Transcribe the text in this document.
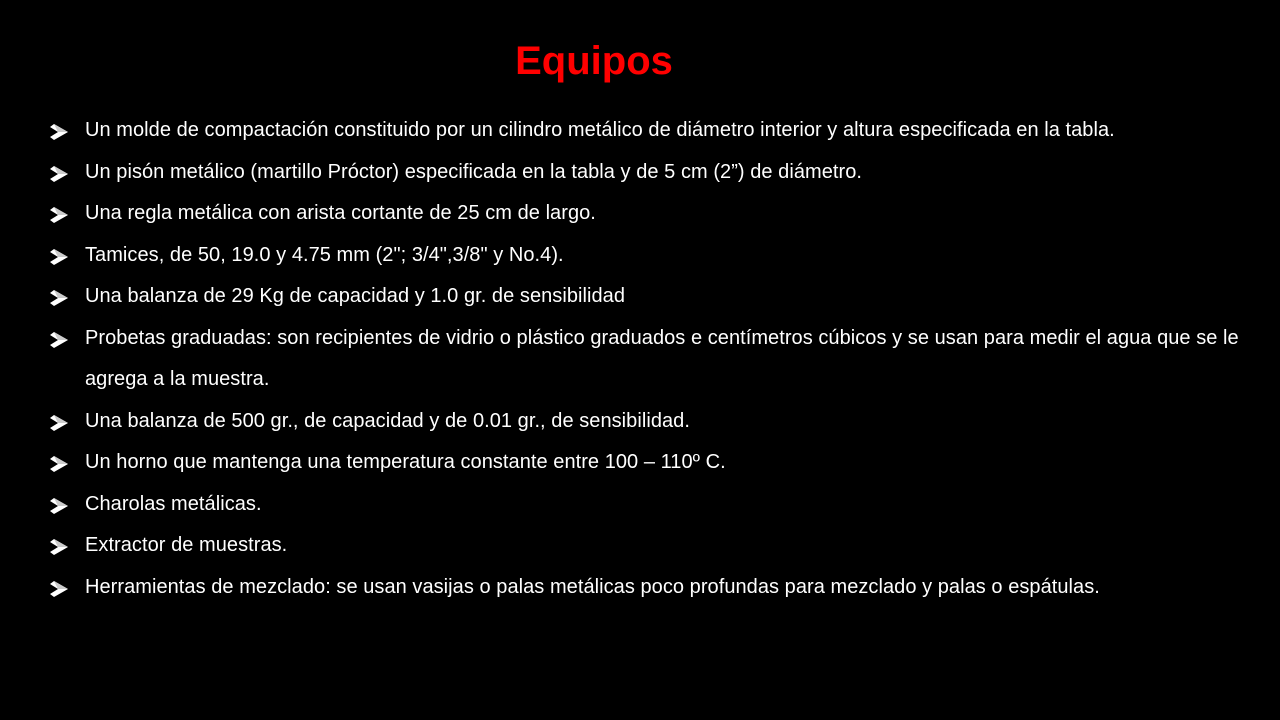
Equipos
Un molde de compactación constituido por un cilindro metálico de diámetro interior y altura especificada en la tabla.
Un pisón metálico (martillo Próctor) especificada en la tabla y de 5 cm (2”) de diámetro.
Una regla metálica con arista cortante de 25 cm de largo.
Tamices, de 50, 19.0 y 4.75 mm (2"; 3/4",3/8" y No.4).
Una balanza de 29 Kg de capacidad y 1.0 gr. de sensibilidad
Probetas graduadas: son recipientes de vidrio o plástico graduados e centímetros cúbicos y se usan para medir el agua que se le agrega a la muestra.
Una balanza de 500 gr., de capacidad y de 0.01 gr., de sensibilidad.
Un horno que mantenga una temperatura constante entre 100 – 110º C.
Charolas metálicas.
Extractor de muestras.
Herramientas de mezclado: se usan vasijas o palas metálicas poco profundas para mezclado y palas o espátulas.
